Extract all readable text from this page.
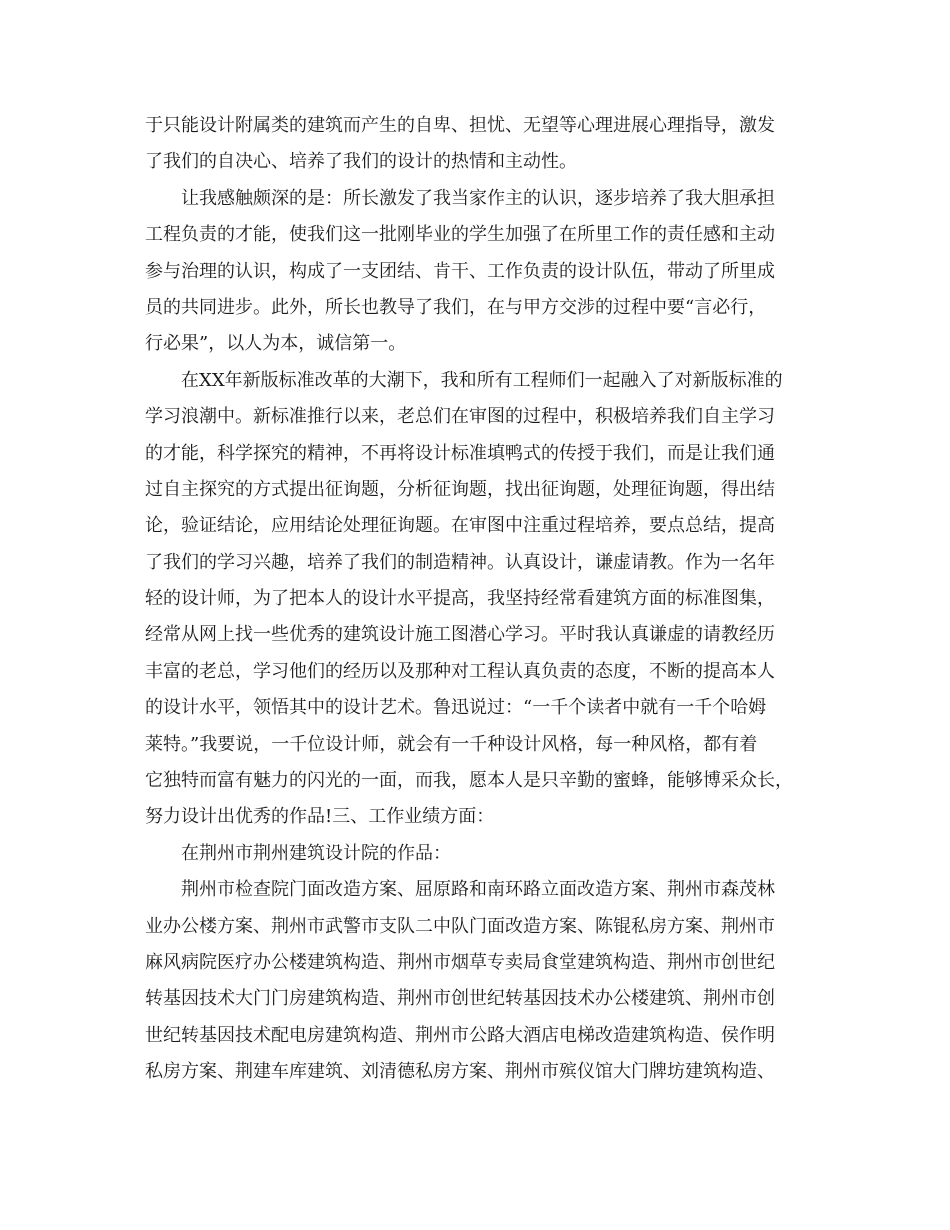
于只能设计附属类的建筑而产生的自卑、担忧、无望等心理进展心理指导，激发
了我们的自决心、培养了我们的设计的热情和主动性。
让我感触颇深的是：所长激发了我当家作主的认识，逐步培养了我大胆承担
工程负责的才能，使我们这一批刚毕业的学生加强了在所里工作的责任感和主动
参与治理的认识，构成了一支团结、肯干、工作负责的设计队伍，带动了所里成
员的共同进步。此外，所长也教导了我们，在与甲方交涉的过程中要“言必行，
行必果”，以人为本，诚信第一。
在XX年新版标准改革的大潮下，我和所有工程师们一起融入了对新版标准的
学习浪潮中。新标准推行以来，老总们在审图的过程中，积极培养我们自主学习
的才能，科学探究的精神，不再将设计标准填鸭式的传授于我们，而是让我们通
过自主探究的方式提出征询题，分析征询题，找出征询题，处理征询题，得出结
论，验证结论，应用结论处理征询题。在审图中注重过程培养，要点总结，提高
了我们的学习兴趣，培养了我们的制造精神。认真设计，谦虚请教。作为一名年
轻的设计师，为了把本人的设计水平提高，我坚持经常看建筑方面的标准图集，
经常从网上找一些优秀的建筑设计施工图潜心学习。平时我认真谦虚的请教经历
丰富的老总，学习他们的经历以及那种对工程认真负责的态度，不断的提高本人
的设计水平，领悟其中的设计艺术。鲁迅说过：“一千个读者中就有一千个哈姆
莱特。”我要说，一千位设计师，就会有一千种设计风格，每一种风格，都有着
它独特而富有魅力的闪光的一面，而我，愿本人是只辛勤的蜜蜂，能够博采众长，
努力设计出优秀的作品!三、工作业绩方面：
在荆州市荆州建筑设计院的作品：
荆州市检查院门面改造方案、屈原路和南环路立面改造方案、荆州市森茂林
业办公楼方案、荆州市武警市支队二中队门面改造方案、陈锟私房方案、荆州市
麻风病院医疗办公楼建筑构造、荆州市烟草专卖局食堂建筑构造、荆州市创世纪
转基因技术大门门房建筑构造、荆州市创世纪转基因技术办公楼建筑、荆州市创
世纪转基因技术配电房建筑构造、荆州市公路大酒店电梯改造建筑构造、侯作明
私房方案、荆建车库建筑、刘清德私房方案、荆州市殡仪馆大门牌坊建筑构造、
